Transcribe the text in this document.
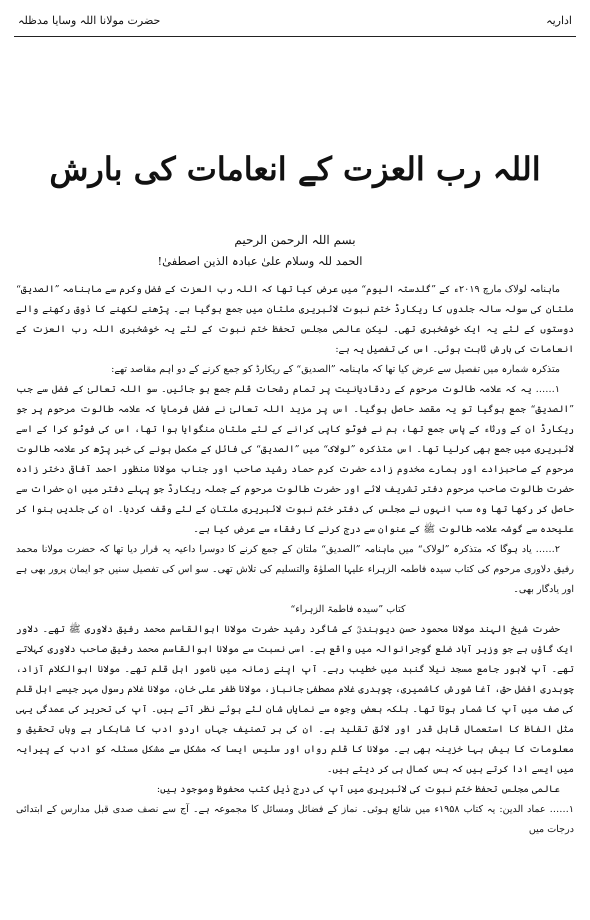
اداریہ
حضرت مولانا اللہ وسایا مدظلہ
اللہ رب العزت کے انعامات کی بارش
بسم اللہ الرحمن الرحیم
الحمد للہ وسلام علیٰ عبادہ الذین اصطفیٰ!

ماہنامہ لولاک مارچ ۲۰۱۹ء کے ”گلدستہ الیوم“ میں عرض کیا تھا کہ اللہ رب العزت کے فضل وکرم سے ماہنامہ ”الصدیق“ ملتان کی سولہ سالہ جلدوں کا ریکارڈ ختم نبوت لائبریری ملتان میں جمع ہوگیا ہے۔ پڑھنے لکھنے کا ذوق رکھنے والے دوستوں کے لئے یہ ایک خوشخبری تھی۔ لیکن عالمی مجلس تحفظ ختم نبوت کے لئے یہ خوشخبری اللہ رب العزت کے انعامات کی بارش ثابت ہوئی۔ اس کی تفصیل یہ ہے:

متذکرہ شمارہ میں تفصیل سے عرض کیا تھا کہ ماہنامہ ”الصدیق“ کے ریکارڈ کو جمع کرنے کے دو اہم مقاصد تھے:

۱…… یہ کہ علامہ طالوت مرحوم کے ردقادیانیت پر تمام رشحات قلم جمع ہو جائیں۔ سو اللہ تعالیٰ کے فضل سے جب ”الصدیق“ جمع ہوگیا تو یہ مقصد حاصل ہوگیا۔ اس پر مزید اللہ تعالیٰ نے فضل فرمایا کہ علامہ طالوت مرحوم پر جو ریکارڈ ان کے ورثاء کے پاس جمع تھا، ہم نے فوٹو کاپی کرانے کے لئے ملتان منگوایا ہوا تھا، اس کی فوٹو کرا کے اسے لائبریری میں جمع بھی کرلیا تھا۔ اس متذکرہ ”لولاک“ میں ”الصدیق“ کی فائل کے مکمل ہونے کی خبر پڑھ کر علامہ طالوت مرحوم کے صاحبزادے اور ہمارے مخدوم زادے حضرت کرم حماد رشید صاحب اور جناب مولانا منظور احمد آفاقی دختر زادہ حضرت طالوت صاحب مرحوم دفتر تشریف لائے اور حضرت طالوت مرحوم کے جملہ ریکارڈ جو پہلے دفتر میں ان حضرات سے حاصل کر رکھا تھا وہ سب انہوں نے مجلس کی دفتر ختم نبوت لائبریری ملتان کے لئے وقف کردیا۔ ان کی جلدیں بنوا کر علیحدہ سے گوشہ علامہ طالوت ﷺ کے عنوان سے درج کرنے کا رفقاء سے عرض کیا ہے۔

۲…… یاد ہوگا کہ متذکرہ ”لولاک“ میں ماہنامہ ”الصدیق“ ملتان کے جمع کرنے کا دوسرا داعیہ یہ قرار دیا تھا کہ حضرت مولانا محمد رفیق دلاوری مرحوم کی کتاب سیدہ فاطمہ الزہراء علیہا الصلوٰۃ والتسلیم کی تلاش تھی۔ سو اس کی تفصیل سنیں جو ایمان پرور بھی ہے اور یادگار بھی۔

کتاب ”سیدہ فاطمۃ الزہراء“

حضرت شیخ الہند مولانا محمود حسن دیوبندیؒ کے شاگرد رشید حضرت مولانا ابوالقاسم محمد رفیق دلاوری ﷺ تھے۔ دلاور ایک گاؤں ہے جو وزیر آباد ضلع گوجرانوالہ میں واقع ہے۔ اسی نسبت سے مولانا ابوالقاسم محمد رفیق صاحب دلاوری کہلاتے تھے۔ آپ لاہور جامع مسجد نیلا گنبد میں خطیب رہے۔ آپ اپنے زمانہ میں نامور اہل قلم تھے۔ مولانا ابوالکلام آزاد، چوہدری افضل حق، آغا شورش کاشمیری، چوہدری غلام مصطفیٰ جانباز، مولانا ظفر علی خان، مولانا غلام رسول مہر جیسے اہل قلم کی صف میں آپ کا شمار ہوتا تھا۔ بلکہ بعض وجوہ سے نمایاں شان لئے ہوئے نظر آتے ہیں۔ آپ کی تحریر کی عمدگی یہی مثل الفاظ کا استعمال قابل قدر اور لائق تقلید ہے۔ ان کی ہر تصنیف جہاں اردو ادب کا شاہکار ہے وہاں تحقیق و معلومات کا بیش بہا خزینہ بھی ہے۔ مولانا کا قلم رواں اور سلیس ایسا کہ مشکل سے مشکل مسئلہ کو ادب کے پیرایہ میں ایسے ادا کرتے ہیں کہ بس کمال ہی کر دیتے ہیں۔

عالمی مجلس تحفظ ختم نبوت کی لائبریری میں آپ کی درج ذیل کتب محفوظ وموجود ہیں:

۱…… عماد الدین: یہ کتاب ۱۹۵۸ء میں شائع ہوئی۔ نماز کے فضائل ومسائل کا مجموعہ ہے۔ آج سے نصف صدی قبل مدارس کے ابتدائی درجات میں
